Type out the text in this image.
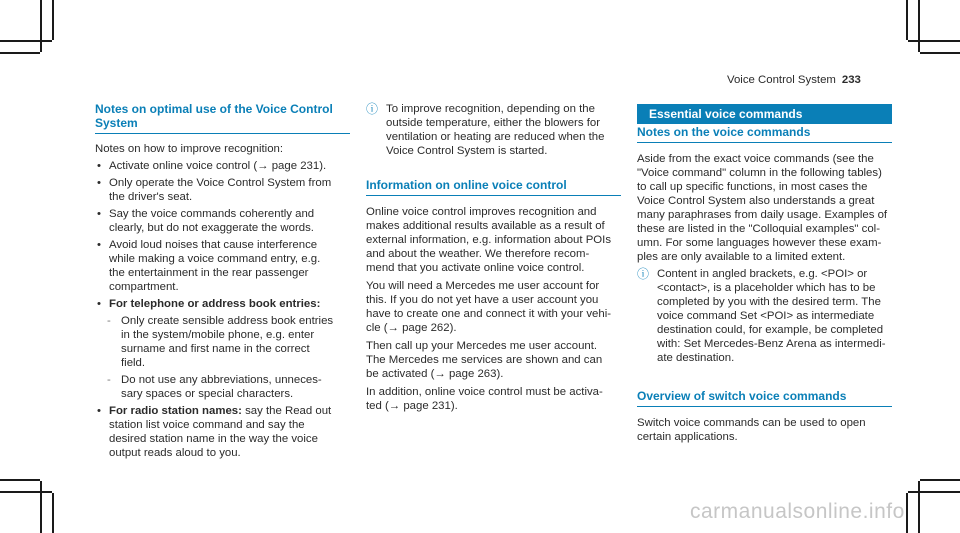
Voice Control System 233

Notes on optimal use of the Voice Control

System

Notes on how to improve recognition:

• Activate online voice control (→ page 231).

• Only operate the Voice Control System from

the driver's seat.

• Say the voice commands coherently and

clearly, but do not exaggerate the words.

• Avoid loud noises that cause interference

while making a voice command entry, e.g.

the entertainment in the rear passenger

compartment.

• For telephone or address book entries:

- Only create sensible address book entries

in the system/mobile phone, e.g. enter

surname and first name in the correct

field.

- Do not use any abbreviations, unneces-

sary spaces or special characters.

• For radio station names: say the Read out

station list voice command and say the

desired station name in the way the voice

output reads aloud to you.

ⓘ To improve recognition, depending on the

outside temperature, either the blowers for

ventilation or heating are reduced when the

Voice Control System is started.

Information on online voice control

Online voice control improves recognition and

makes additional results available as a result of

external information, e.g. information about POIs

and about the weather. We therefore recom-

mend that you activate online voice control.

You will need a Mercedes me user account for

this. If you do not yet have a user account you

have to create one and connect it with your vehi-

cle (→ page 262).

Then call up your Mercedes me user account.

The Mercedes me services are shown and can

be activated (→ page 263).

In addition, online voice control must be activa-

ted (→ page 231).

Essential voice commands

Notes on the voice commands

Aside from the exact voice commands (see the

"Voice command" column in the following tables)

to call up specific functions, in most cases the

Voice Control System also understands a great

many paraphrases from daily usage. Examples of

these are listed in the "Colloquial examples" col-

umn. For some languages however these exam-

ples are only available to a limited extent.

ⓘ Content in angled brackets, e.g. <POI> or

<contact>, is a placeholder which has to be

completed by you with the desired term. The

voice command Set <POI> as intermediate

destination could, for example, be completed

with: Set Mercedes-Benz Arena as intermedi-

ate destination.

Overview of switch voice commands

Switch voice commands can be used to open

certain applications.

carmanualsonline.info
